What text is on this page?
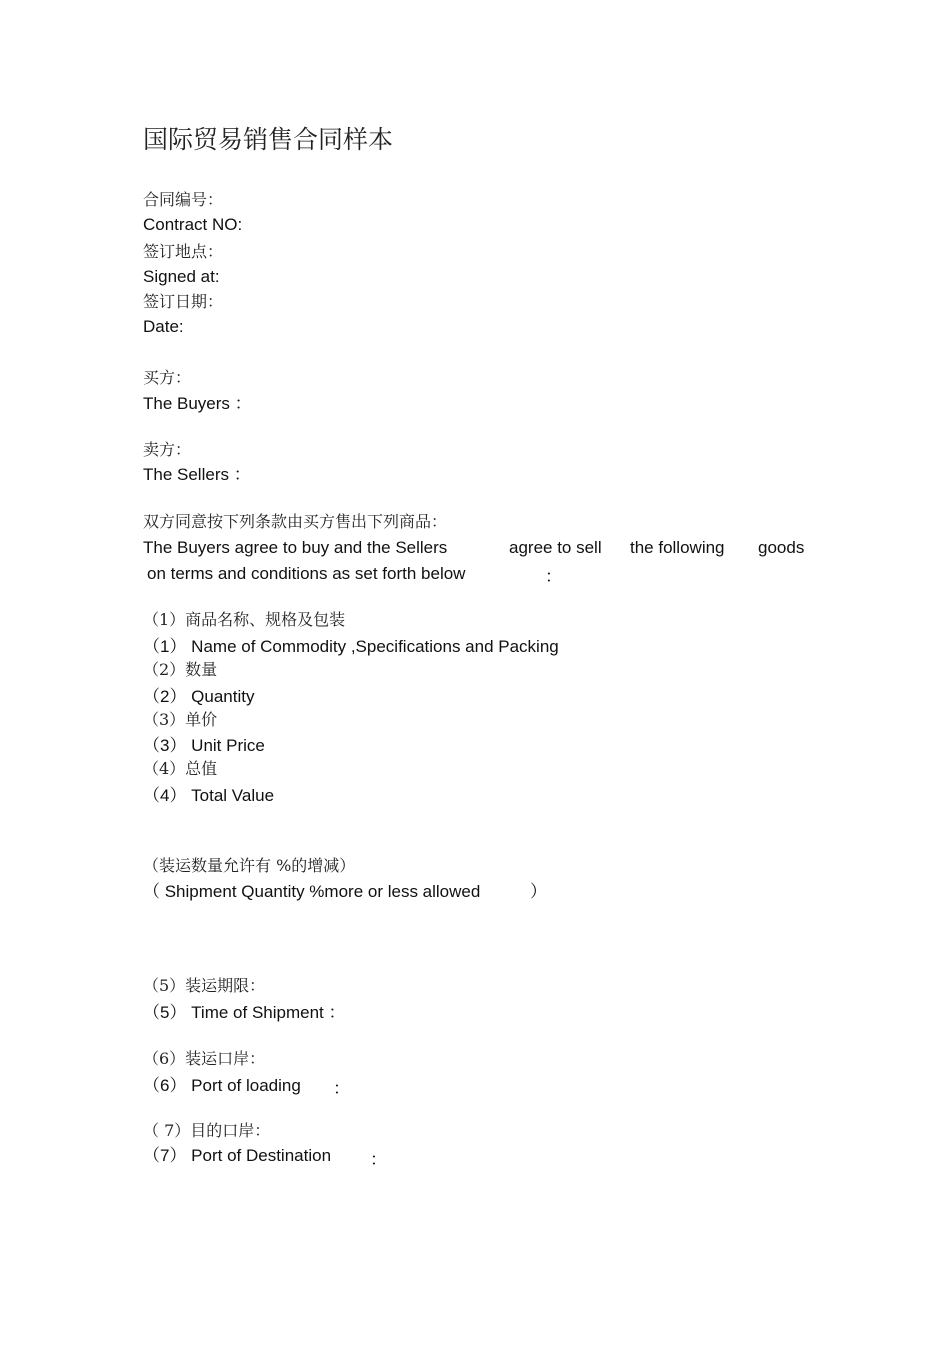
国际贸易销售合同样本
合同编号：
Contract NO:
签订地点：
Signed at:
签订日期：
Date:
买方：
The Buyers ：
卖方：
The Sellers ：
双方同意按下列条款由买方售出下列商品：
The Buyers agree to buy and the Sellers	agree to sell the following goods
on terms and conditions as set forth below	：
（1）商品名称、规格及包装
（1） Name of Commodity ,Specifications and Packing
（2）数量
（2） Quantity
（3）单价
（3） Unit Price
（4）总值
（4） Total Value
（装运数量允许有 %的增减）
（ Shipment Quantity %more or less allowed	）
（5）装运期限：
（5） Time of Shipment ：
（6）装运口岸：
（6） Port of loading ：
（ 7）目的口岸：
（7） Port of Destination ：
